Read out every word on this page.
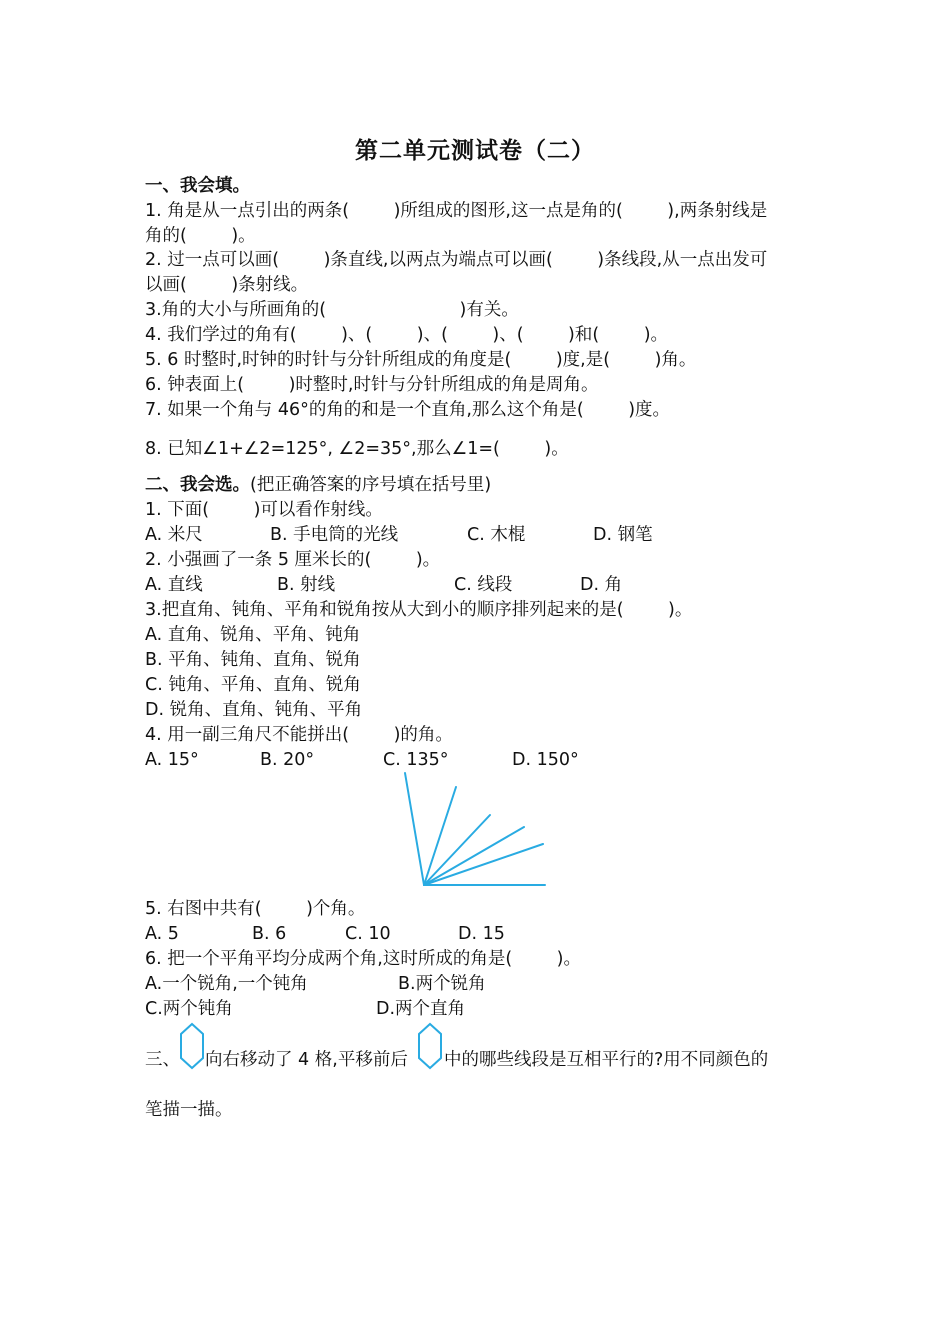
第二单元测试卷（二）
一、我会填。
1. 角是从一点引出的两条(        )所组成的图形,这一点是角的(        ),两条射线是
角的(        )。
2. 过一点可以画(        )条直线,以两点为端点可以画(        )条线段,从一点出发可
以画(        )条射线。
3.角的大小与所画角的(                        )有关。
4. 我们学过的角有(        )、(        )、(        )、(        )和(        )。
5. 6 时整时,时钟的时针与分针所组成的角度是(        )度,是(        )角。
6. 钟表面上(        )时整时,时针与分针所组成的角是周角。
7. 如果一个角与 46°的角的和是一个直角,那么这个角是(        )度。
8. 已知∠1+∠2=125°, ∠2=35°,那么∠1=(        )。
二、我会选。(把正确答案的序号填在括号里)
1. 下面(        )可以看作射线。
A. 米尺	B. 手电筒的光线	C. 木棍	D. 钢笔
2. 小强画了一条 5 厘米长的(        )。
A. 直线	B. 射线	C. 线段	D. 角
3.把直角、钝角、平角和锐角按从大到小的顺序排列起来的是(        )。
A. 直角、锐角、平角、钝角
B. 平角、钝角、直角、锐角
C. 钝角、平角、直角、锐角
D. 锐角、直角、钝角、平角
4. 用一副三角尺不能拼出(        )的角。
A. 15°	B. 20°	C. 135°	D. 150°
5. 右图中共有(        )个角。
A. 5	B. 6	C. 10	D. 15
6. 把一个平角平均分成两个角,这时所成的角是(        )。
A.一个锐角,一个钝角	B.两个锐角
C.两个钝角	D.两个直角
三、 向右移动了 4 格,平移前后 中的哪些线段是互相平行的?用不同颜色的
笔描一描。
